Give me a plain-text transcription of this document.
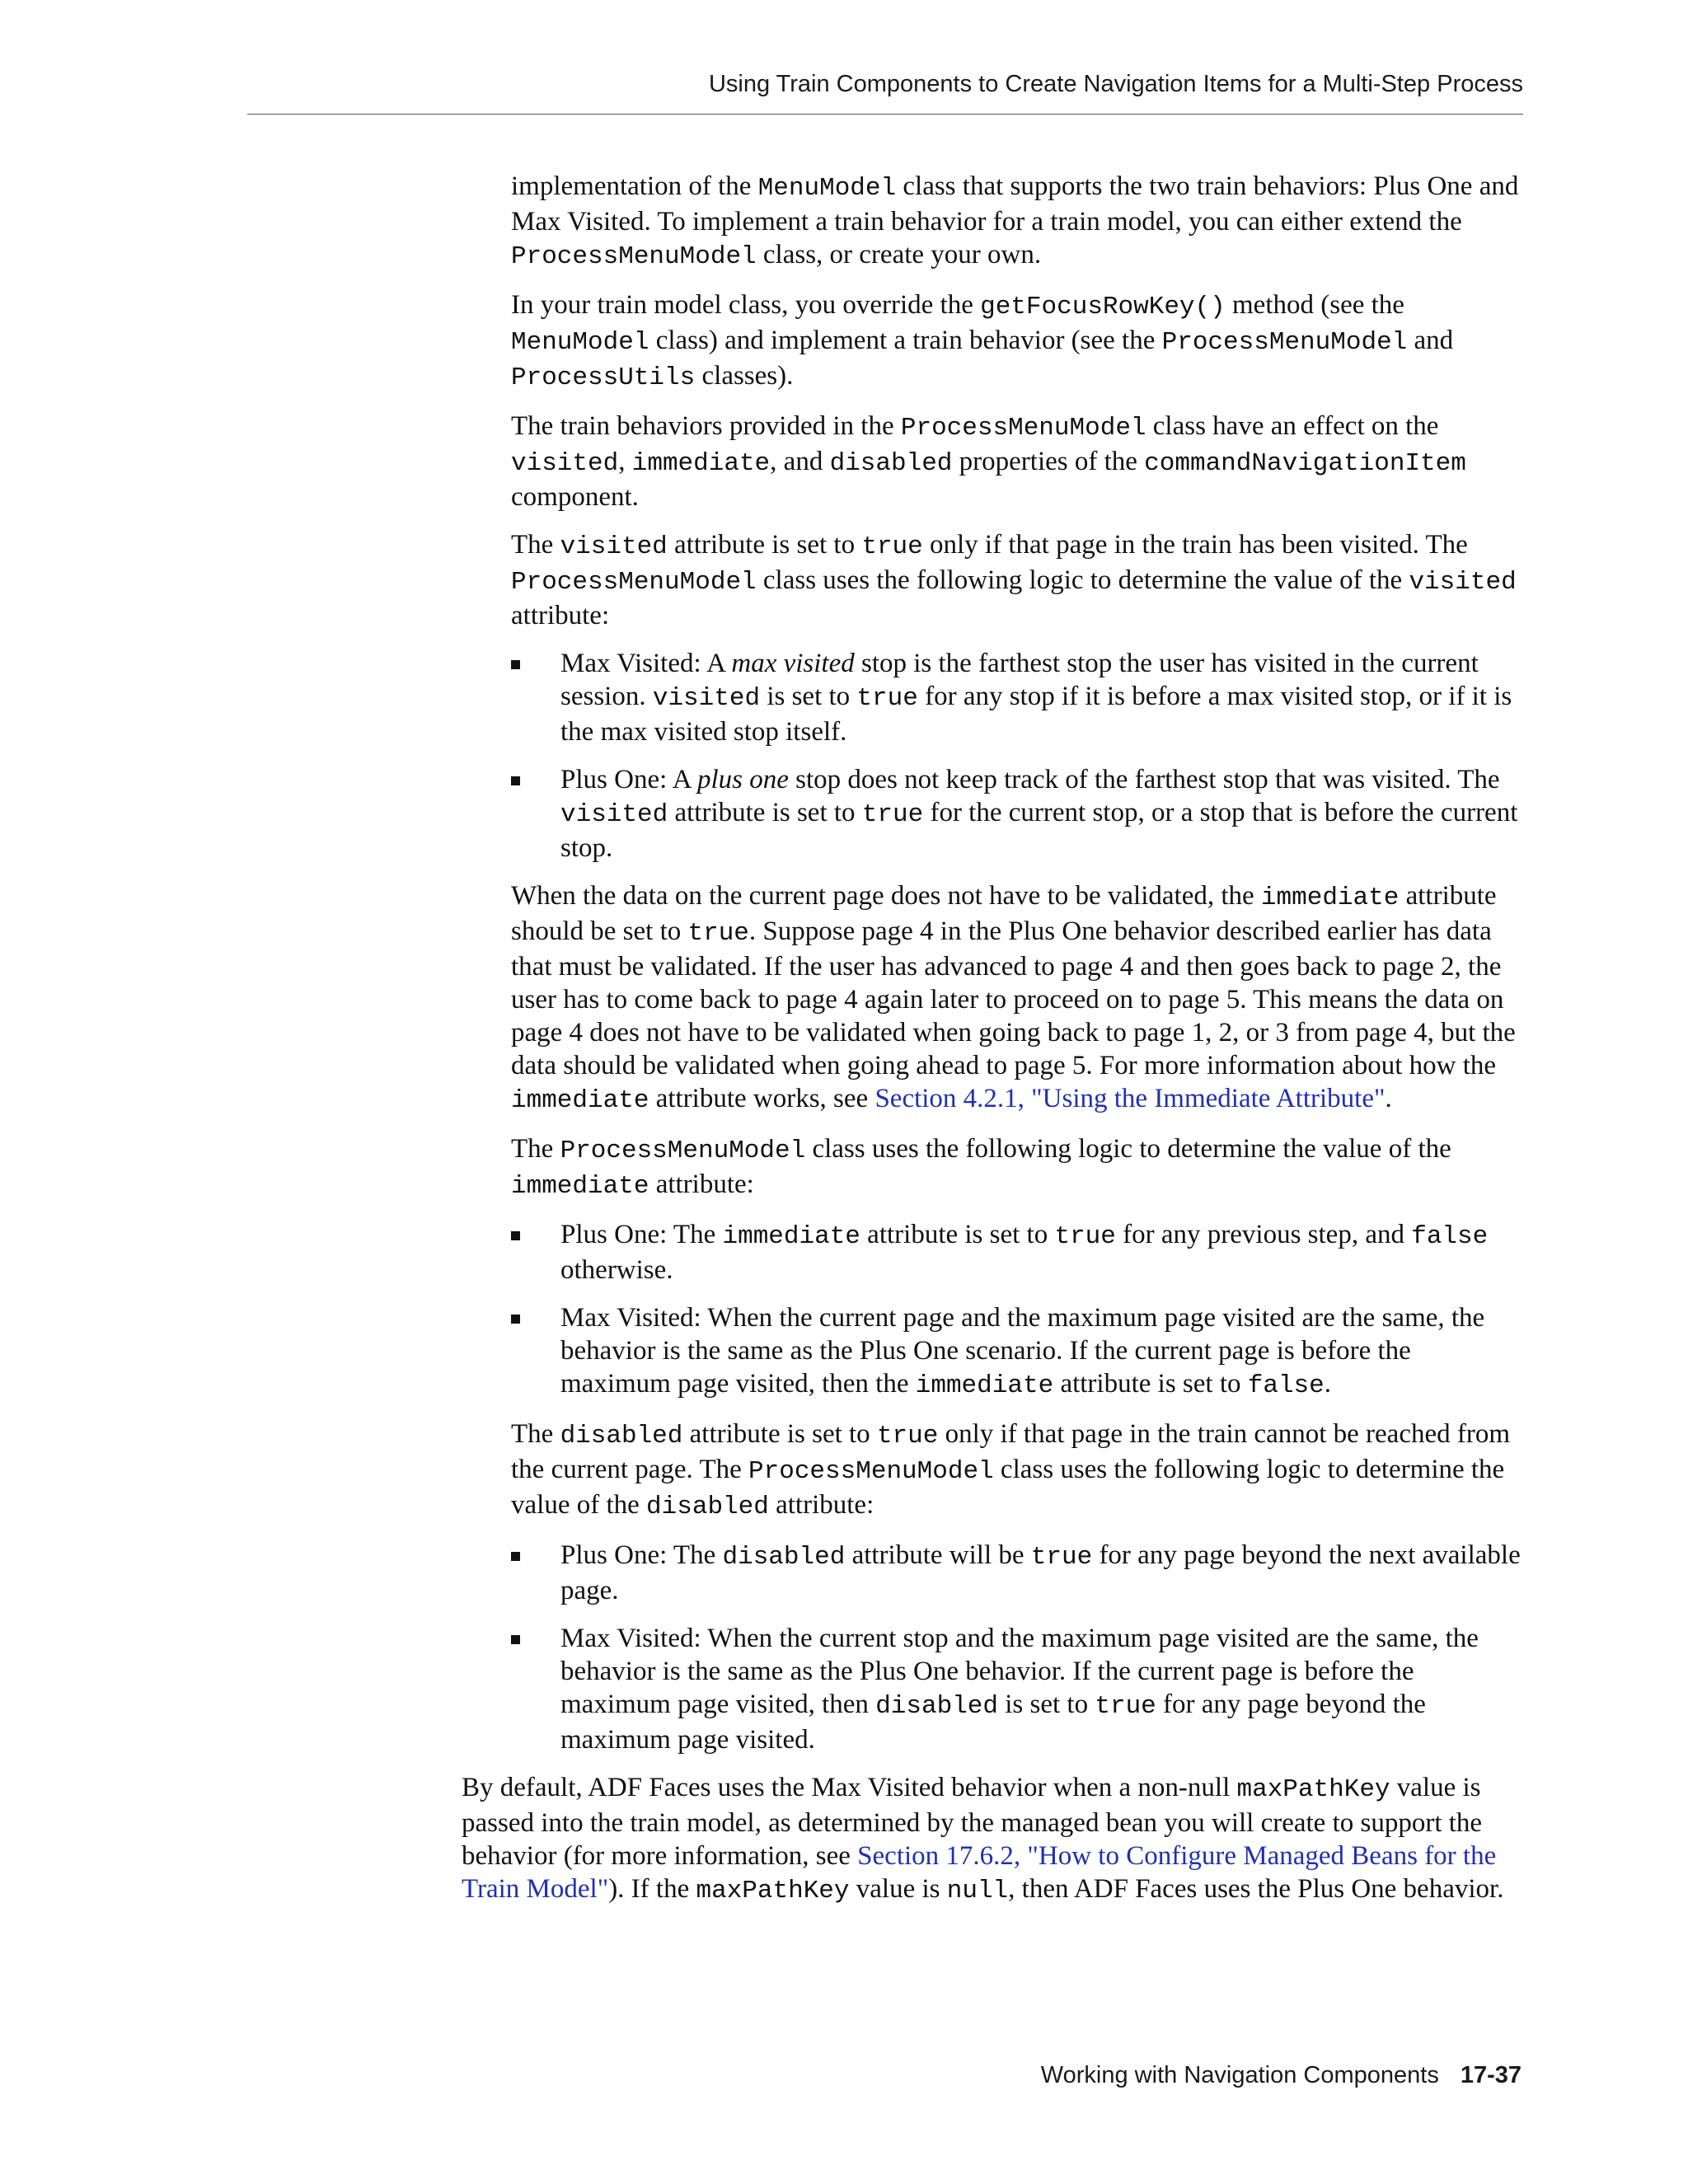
Using Train Components to Create Navigation Items for a Multi-Step Process

implementation of the MenuModel class that supports the two train behaviors: Plus One and Max Visited. To implement a train behavior for a train model, you can either extend the ProcessMenuModel class, or create your own.

In your train model class, you override the getFocusRowKey() method (see the MenuModel class) and implement a train behavior (see the ProcessMenuModel and ProcessUtils classes).

The train behaviors provided in the ProcessMenuModel class have an effect on the visited, immediate, and disabled properties of the commandNavigationItem component.

The visited attribute is set to true only if that page in the train has been visited. The ProcessMenuModel class uses the following logic to determine the value of the visited attribute:

Max Visited: A max visited stop is the farthest stop the user has visited in the current session. visited is set to true for any stop if it is before a max visited stop, or if it is the max visited stop itself.
Plus One: A plus one stop does not keep track of the farthest stop that was visited. The visited attribute is set to true for the current stop, or a stop that is before the current stop.

When the data on the current page does not have to be validated, the immediate attribute should be set to true. Suppose page 4 in the Plus One behavior described earlier has data that must be validated. If the user has advanced to page 4 and then goes back to page 2, the user has to come back to page 4 again later to proceed on to page 5. This means the data on page 4 does not have to be validated when going back to page 1, 2, or 3 from page 4, but the data should be validated when going ahead to page 5. For more information about how the immediate attribute works, see Section 4.2.1, "Using the Immediate Attribute".

The ProcessMenuModel class uses the following logic to determine the value of the immediate attribute:

Plus One: The immediate attribute is set to true for any previous step, and false otherwise.
Max Visited: When the current page and the maximum page visited are the same, the behavior is the same as the Plus One scenario. If the current page is before the maximum page visited, then the immediate attribute is set to false.

The disabled attribute is set to true only if that page in the train cannot be reached from the current page. The ProcessMenuModel class uses the following logic to determine the value of the disabled attribute:

Plus One: The disabled attribute will be true for any page beyond the next available page.
Max Visited: When the current stop and the maximum page visited are the same, the behavior is the same as the Plus One behavior. If the current page is before the maximum page visited, then disabled is set to true for any page beyond the maximum page visited.

By default, ADF Faces uses the Max Visited behavior when a non-null maxPathKey value is passed into the train model, as determined by the managed bean you will create to support the behavior (for more information, see Section 17.6.2, "How to Configure Managed Beans for the Train Model"). If the maxPathKey value is null, then ADF Faces uses the Plus One behavior.

Working with Navigation Components 17-37
